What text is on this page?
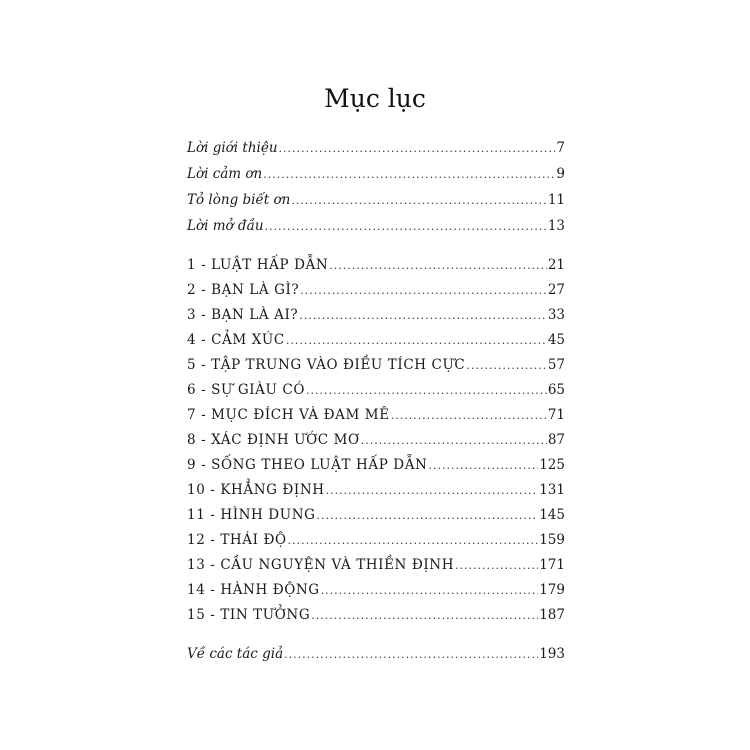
Mục lục
Lời giới thiệu .....	7
Lời cảm ơn .....	9
Tỏ lòng biết ơn .....	11
Lời mở đầu .....	13
1 - LUẬT HẤP DẪN .....	21
2 - BẠN LÀ GÌ? .....	27
3 - BẠN LÀ AI? .....	33
4 - CẢM XÚC .....	45
5 - TẬP TRUNG VÀO ĐIỀU TÍCH CỰC .....	57
6 - SỰ GIÀU CÓ .....	65
7 - MỤC ĐÍCH VÀ ĐAM MÊ .....	71
8 - XÁC ĐỊNH ƯỚC MƠ .....	87
9 - SỐNG THEO LUẬT HẤP DẪN .....	125
10 - KHẲNG ĐỊNH .....	131
11 - HÌNH DUNG .....	145
12 - THÁI ĐỘ .....	159
13 - CẦU NGUYỆN VÀ THIỀN ĐỊNH .....	171
14 - HÀNH ĐỘNG .....	179
15 - TIN TƯỞNG .....	187
Về các tác giả .....	193
